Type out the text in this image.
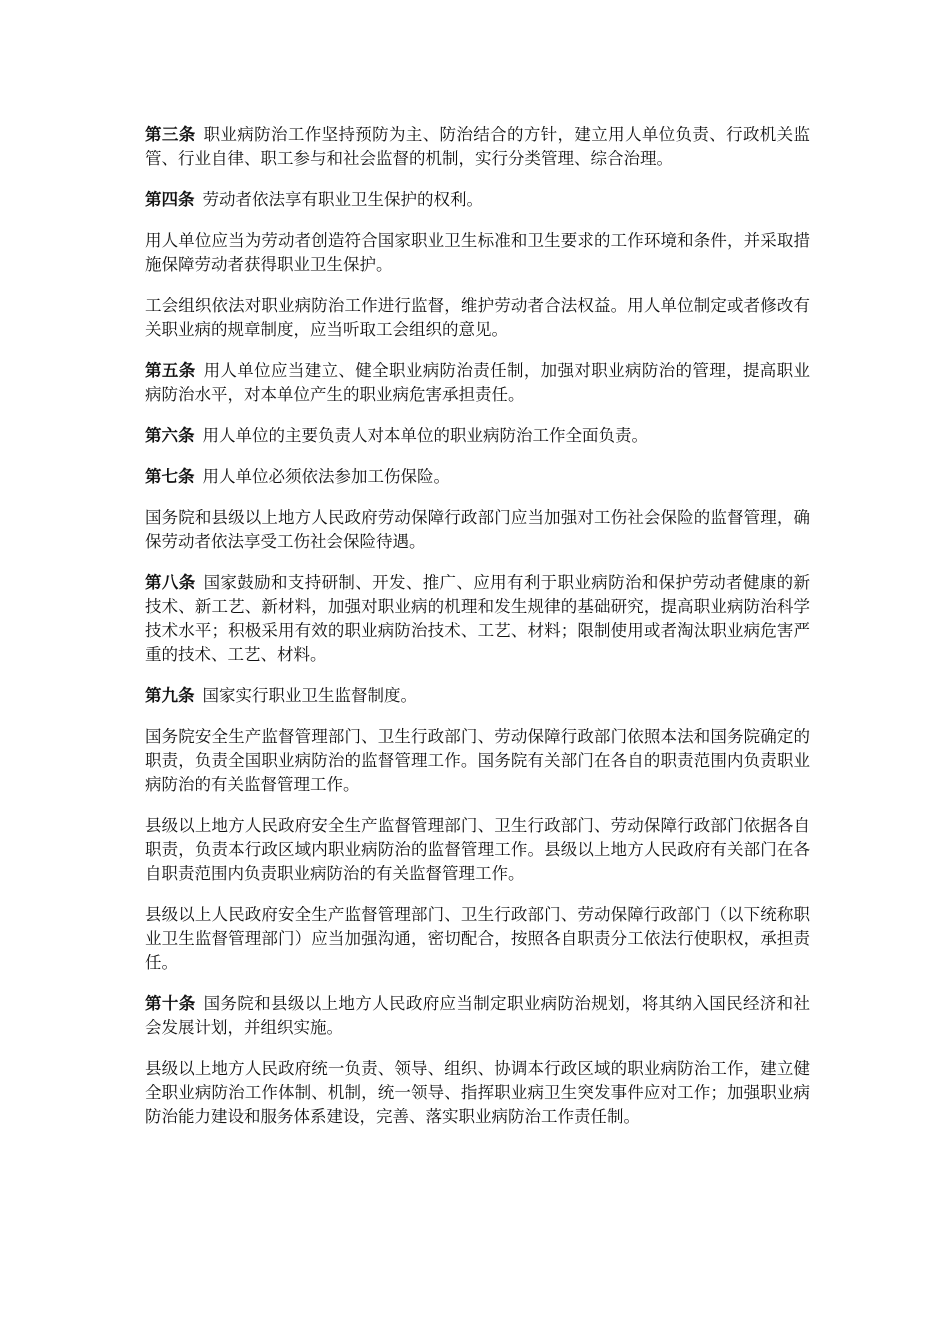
第三条 职业病防治工作坚持预防为主、防治结合的方针，建立用人单位负责、行政机关监管、行业自律、职工参与和社会监督的机制，实行分类管理、综合治理。

第四条 劳动者依法享有职业卫生保护的权利。

用人单位应当为劳动者创造符合国家职业卫生标准和卫生要求的工作环境和条件，并采取措施保障劳动者获得职业卫生保护。

工会组织依法对职业病防治工作进行监督，维护劳动者合法权益。用人单位制定或者修改有关职业病的规章制度，应当听取工会组织的意见。

第五条 用人单位应当建立、健全职业病防治责任制，加强对职业病防治的管理，提高职业病防治水平，对本单位产生的职业病危害承担责任。

第六条 用人单位的主要负责人对本单位的职业病防治工作全面负责。

第七条 用人单位必须依法参加工伤保险。

国务院和县级以上地方人民政府劳动保障行政部门应当加强对工伤社会保险的监督管理，确保劳动者依法享受工伤社会保险待遇。

第八条 国家鼓励和支持研制、开发、推广、应用有利于职业病防治和保护劳动者健康的新技术、新工艺、新材料，加强对职业病的机理和发生规律的基础研究，提高职业病防治科学技术水平；积极采用有效的职业病防治技术、工艺、材料；限制使用或者淘汰职业病危害严重的技术、工艺、材料。

第九条 国家实行职业卫生监督制度。

国务院安全生产监督管理部门、卫生行政部门、劳动保障行政部门依照本法和国务院确定的职责，负责全国职业病防治的监督管理工作。国务院有关部门在各自的职责范围内负责职业病防治的有关监督管理工作。

县级以上地方人民政府安全生产监督管理部门、卫生行政部门、劳动保障行政部门依据各自职责，负责本行政区域内职业病防治的监督管理工作。县级以上地方人民政府有关部门在各自职责范围内负责职业病防治的有关监督管理工作。

县级以上人民政府安全生产监督管理部门、卫生行政部门、劳动保障行政部门（以下统称职业卫生监督管理部门）应当加强沟通，密切配合，按照各自职责分工依法行使职权，承担责任。

第十条 国务院和县级以上地方人民政府应当制定职业病防治规划，将其纳入国民经济和社会发展计划，并组织实施。

县级以上地方人民政府统一负责、领导、组织、协调本行政区域的职业病防治工作，建立健全职业病防治工作体制、机制，统一领导、指挥职业病卫生突发事件应对工作；加强职业病防治能力建设和服务体系建设，完善、落实职业病防治工作责任制。
